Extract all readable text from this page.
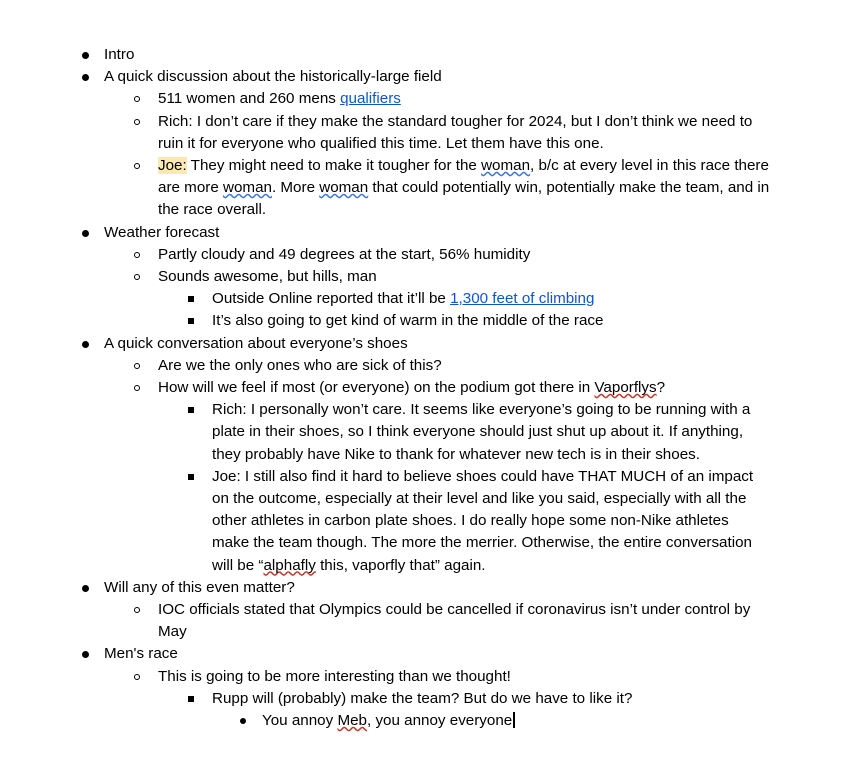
Intro
A quick discussion about the historically-large field
511 women and 260 mens qualifiers
Rich: I don’t care if they make the standard tougher for 2024, but I don’t think we need to ruin it for everyone who qualified this time. Let them have this one.
Joe: They might need to make it tougher for the woman, b/c at every level in this race there are more woman. More woman that could potentially win, potentially make the team, and in the race overall.
Weather forecast
Partly cloudy and 49 degrees at the start, 56% humidity
Sounds awesome, but hills, man
Outside Online reported that it’ll be 1,300 feet of climbing
It’s also going to get kind of warm in the middle of the race
A quick conversation about everyone’s shoes
Are we the only ones who are sick of this?
How will we feel if most (or everyone) on the podium got there in Vaporflys?
Rich: I personally won’t care. It seems like everyone’s going to be running with a plate in their shoes, so I think everyone should just shut up about it. If anything, they probably have Nike to thank for whatever new tech is in their shoes.
Joe: I still also find it hard to believe shoes could have THAT MUCH of an impact on the outcome, especially at their level and like you said, especially with all the other athletes in carbon plate shoes. I do really hope some non-Nike athletes make the team though. The more the merrier. Otherwise, the entire conversation will be “alphafly this, vaporfly that” again.
Will any of this even matter?
IOC officials stated that Olympics could be cancelled if coronavirus isn’t under control by May
Men's race
This is going to be more interesting than we thought!
Rupp will (probably) make the team? But do we have to like it?
You annoy Meb, you annoy everyone
